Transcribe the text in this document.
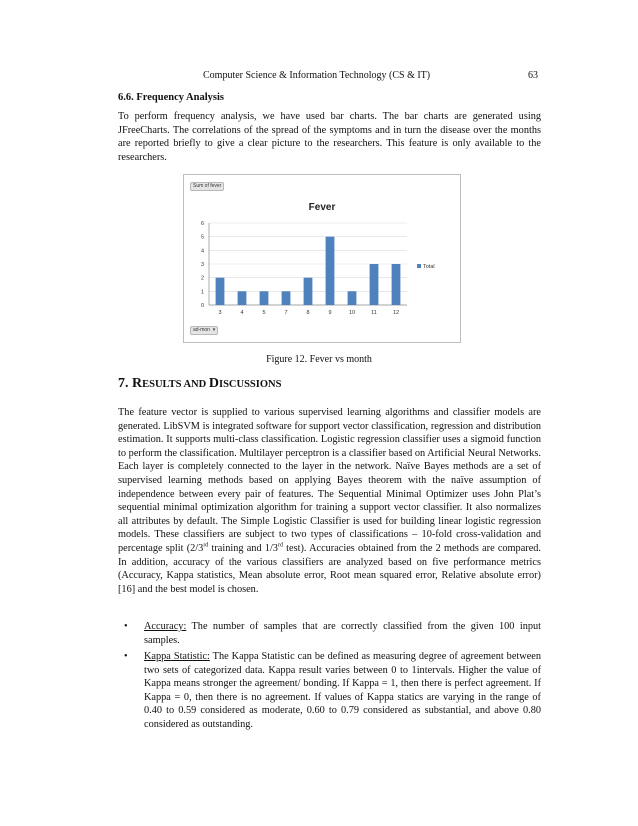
Computer Science & Information Technology (CS & IT)	63
6.6. Frequency Analysis

To perform frequency analysis, we have used bar charts. The bar charts are generated using JFreeCharts. The correlations of the spread of the symptoms and in turn the disease over the months are reported briefly to give a clear picture to the researchers. This feature is only available to the researchers.

Sum of fever
Fever
0
1
2
3
4
5
6
3	4	5	7	8	9	10	11	12
Total
ad-mon  ▾
Figure 12. Fever vs month
7. RESULTS AND DISCUSSIONS

The feature vector is supplied to various supervised learning algorithms and classifier models are generated. LibSVM is integrated software for support vector classification, regression and distribution estimation. It supports multi-class classification. Logistic regression classifier uses a sigmoid function to perform the classification. Multilayer perceptron is a classifier based on Artificial Neural Networks. Each layer is completely connected to the layer in the network. Naïve Bayes methods are a set of supervised learning methods based on applying Bayes theorem with the naïve assumption of independence between every pair of features. The Sequential Minimal Optimizer uses John Plat’s sequential minimal optimization algorithm for training a support vector classifier. It also normalizes all attributes by default. The Simple Logistic Classifier is used for building linear logistic regression models. These classifiers are subject to two types of classifications – 10-fold cross-validation and percentage split (2/3rd training and 1/3rd test). Accuracies obtained from the 2 methods are compared. In addition, accuracy of the various classifiers are analyzed based on five performance metrics (Accuracy, Kappa statistics, Mean absolute error, Root mean squared error, Relative absolute error) [16] and the best model is chosen.

• Accuracy: The number of samples that are correctly classified from the given 100 input samples.
• Kappa Statistic: The Kappa Statistic can be defined as measuring degree of agreement between two sets of categorized data. Kappa result varies between 0 to 1intervals. Higher the value of Kappa means stronger the agreement/ bonding. If Kappa = 1, then there is perfect agreement. If Kappa = 0, then there is no agreement. If values of Kappa statics are varying in the range of 0.40 to 0.59 considered as moderate, 0.60 to 0.79 considered as substantial, and above 0.80 considered as outstanding.
